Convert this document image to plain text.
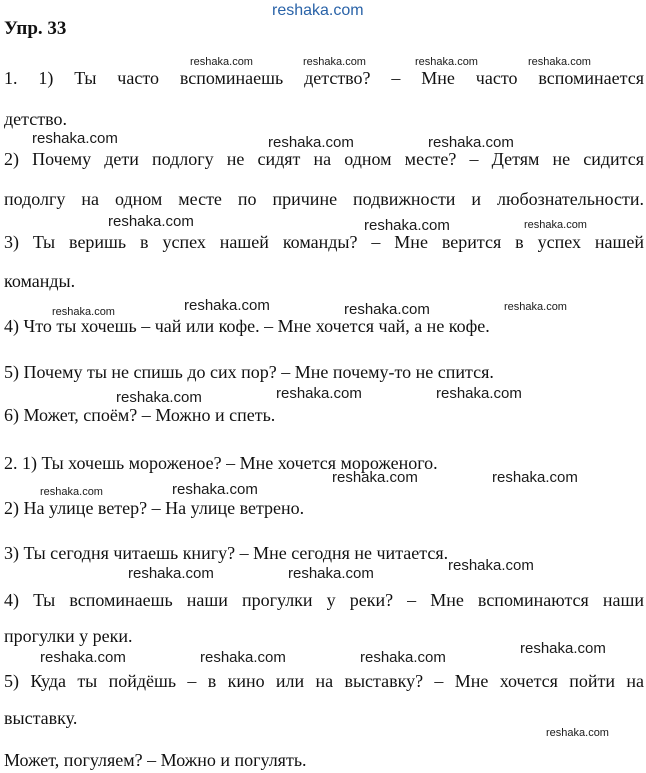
reshaka.com
reshaka.com	reshaka.com	reshaka.com	reshaka.com
reshaka.com	reshaka.com	reshaka.com
reshaka.com	reshaka.com	reshaka.com
reshaka.com	reshaka.com	reshaka.com	reshaka.com
reshaka.com	reshaka.com	reshaka.com
reshaka.com	reshaka.com
reshaka.com	reshaka.com
reshaka.com	reshaka.com	reshaka.com
reshaka.com
reshaka.com	reshaka.com	reshaka.com
reshaka.com
Упр. 33
1. 1) Ты часто вспоминаешь детство? – Мне часто вспоминается
детство.
2) Почему дети подлогу не сидят на одном месте? – Детям не сидится
подолгу на одном месте по причине подвижности и любознательности.
3) Ты веришь в успех нашей команды? – Мне верится в успех нашей
команды.
4) Что ты хочешь – чай или кофе. – Мне хочется чай, а не кофе.
5) Почему ты не спишь до сих пор? – Мне почему-то не спится.
6) Может, споём? – Можно и спеть.
2. 1) Ты хочешь мороженое? – Мне хочется мороженого.
2) На улице ветер? – На улице ветрено.
3) Ты сегодня читаешь книгу? – Мне сегодня не читается.
4) Ты вспоминаешь наши прогулки у реки? – Мне вспоминаются наши
прогулки у реки.
5) Куда ты пойдёшь – в кино или на выставку? – Мне хочется пойти на
выставку.
Может, погуляем? – Можно и погулять.
